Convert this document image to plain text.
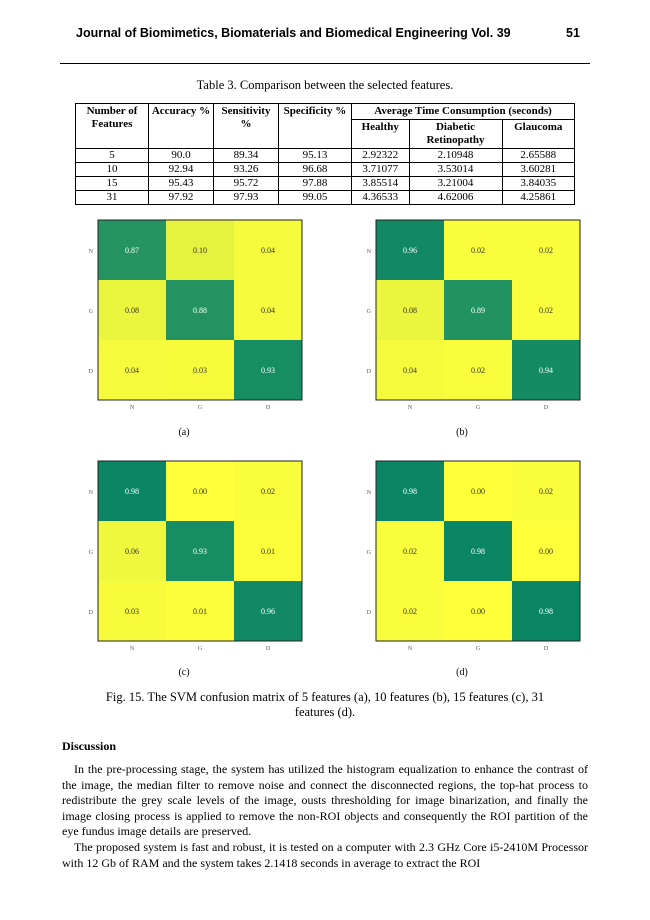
Journal of Biomimetics, Biomaterials and Biomedical Engineering Vol. 39	51
Table 3. Comparison between the selected features.
Number of Features	Accuracy %	Sensitivity %	Specificity %	Average Time Consumption (seconds)		
				Healthy	Diabetic Retinopathy	Glaucoma
5	90.0	89.34	95.13	2.92322	2.10948	2.65588
10	92.94	93.26	96.68	3.71077	3.53014	3.60281
15	95.43	95.72	97.88	3.85514	3.21004	3.84035
31	97.92	97.93	99.05	4.36533	4.62006	4.25861
0.87	0.10	0.04
0.08	0.88	0.04
0.04	0.03	0.93
N
G
D
N	G	D
0.96	0.02	0.02
0.08	0.89	0.02
0.04	0.02	0.94
N
G
D
N	G	D
0.98	0.00	0.02
0.06	0.93	0.01
0.03	0.01	0.96
N
G
D
N	G	D
0.98	0.00	0.02
0.02	0.98	0.00
0.02	0.00	0.98
N
G
D
N	G	D
(a)	(b)
(c)	(d)
Fig. 15. The SVM confusion matrix of 5 features (a), 10 features (b), 15 features (c), 31 features (d).
Discussion
In the pre-processing stage, the system has utilized the histogram equalization to enhance the contrast of the image, the median filter to remove noise and connect the disconnected regions, the top-hat process to redistribute the grey scale levels of the image, ousts thresholding for image binarization, and finally the image closing process is applied to remove the non-ROI objects and consequently the ROI partition of the eye fundus image details are preserved.
The proposed system is fast and robust, it is tested on a computer with 2.3 GHz Core i5-2410M Processor with 12 Gb of RAM and the system takes 2.1418 seconds in average to extract the ROI
